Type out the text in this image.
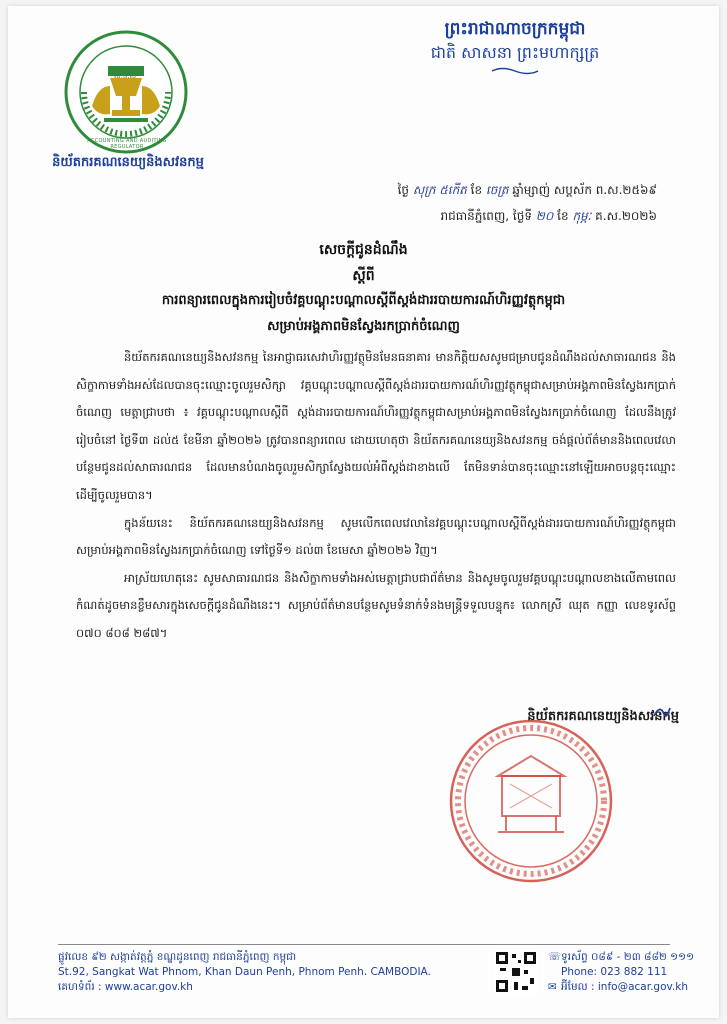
ស.ន.ស
ACCOUNTING AND AUDITING REGULATOR
និយ័តករគណនេយ្យនិងសវនកម្ម
ព្រះរាជាណាចក្រកម្ពុជា
ជាតិ សាសនា ព្រះមហាក្សត្រ
ថ្ងៃ សុក្រ ៥កើត ខែ ចេត្រ ឆ្នាំម្សាញ់ សប្តស័ក ព.ស.២៥៦៩
រាជធានីភ្នំពេញ, ថ្ងៃទី ២០ ខែ កុម្ភៈ គ.ស.២០២៦
សេចក្តីជូនដំណឹង
ស្តីពី
ការពន្យារពេលក្នុងការរៀបចំវគ្គបណ្តុះបណ្តាលស្តីពីស្តង់ដាររបាយការណ៍ហិរញ្ញវត្ថុកម្ពុជា
សម្រាប់អង្គភាពមិនស្វែងរកប្រាក់ចំណេញ

និយ័តករគណនេយ្យនិងសវនកម្ម នៃអាជ្ញាធរសេវាហិរញ្ញវត្ថុមិនមែនធនាគារ មានកិត្តិយសសូមជម្រាបជូនដំណឹងដល់សាធារណជន និងសិក្ខាកាមទាំងអស់ដែលបានចុះឈ្មោះចូលរួមសិក្សា វគ្គបណ្តុះបណ្តាលស្តីពីស្តង់ដាររបាយការណ៍ហិរញ្ញវត្ថុកម្ពុជាសម្រាប់អង្គភាពមិនស្វែងរកប្រាក់ចំណេញ មេត្តាជ្រាបថា ៖ វគ្គបណ្តុះបណ្តាលស្តីពី ស្តង់ដាររបាយការណ៍ហិរញ្ញវត្ថុកម្ពុជាសម្រាប់អង្គភាពមិនស្វែងរកប្រាក់ចំណេញ ដែលនឹងត្រូវរៀបចំនៅ ថ្ងៃទី៣ ដល់៥ ខែមីនា ឆ្នាំ២០២៦ ត្រូវបានពន្យារពេល ដោយហេតុថា និយ័តករគណនេយ្យនិងសវនកម្ម ចង់ផ្តល់ព័ត៌មាននិងពេលវេលាបន្ថែមជូនដល់សាធារណជន ដែលមានបំណងចូលរួមសិក្សាស្វែងយល់អំពីស្តង់ដាខាងលើ តែមិនទាន់បានចុះឈ្មោះនៅឡើយអាចបន្តចុះឈ្មោះដើម្បីចូលរួមបាន។

ក្នុងន័យនេះ និយ័តករគណនេយ្យនិងសវនកម្ម សូមលើកពេលវេលានៃវគ្គបណ្តុះបណ្តាលស្តីពីស្តង់ដាររបាយការណ៍ហិរញ្ញវត្ថុកម្ពុជាសម្រាប់អង្គភាពមិនស្វែងរកប្រាក់ចំណេញ ទៅថ្ងៃទី១ ដល់៣ ខែមេសា ឆ្នាំ២០២៦ វិញ។

អាស្រ័យហេតុនេះ សូមសាធារណជន និងសិក្ខាកាមទាំងអស់មេត្តាជ្រាបជាព័ត៌មាន និងសូមចូលរួមវគ្គបណ្តុះបណ្តាលខាងលើតាមពេលកំណត់ដូចមានខ្លឹមសារក្នុងសេចក្តីជូនដំណឹងនេះ។ សម្រាប់ព័ត៌មានបន្ថែមសូមទំនាក់ទំនងមន្ត្រីទទួលបន្ទុក៖ លោកស្រី ឈុត កញ្ញា លេខទូរស័ព្ទ ០៧០ ៨០៨ ២៨៧។

និយ័តករគណនេយ្យនិងសវនកម្ម
ផ្លូវលេខ ៩២ សង្កាត់វត្តភ្នំ ខណ្ឌដូនពេញ រាជធានីភ្នំពេញ កម្ពុជា
St.92, Sangkat Wat Phnom, Khan Daun Penh, Phnom Penh. CAMBODIA.
គេហទំព័រ : www.acar.gov.kh
☏ទូរស័ព្ទ ០៨៩ - ២៣ ៨៨២ ១១១
Phone: 023 882 111
✉ អ៊ីមែល : info@acar.gov.kh
